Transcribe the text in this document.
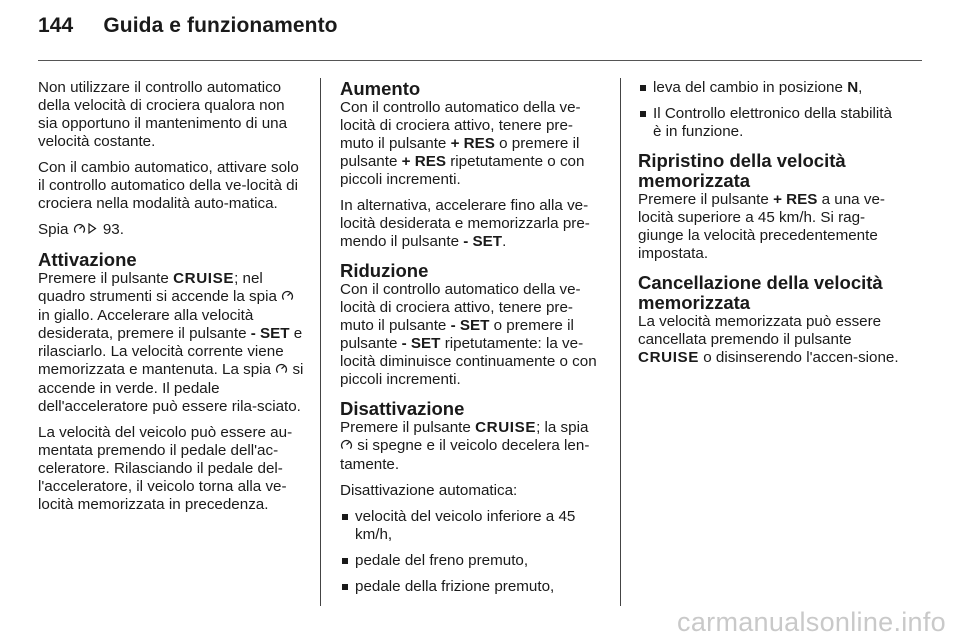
144 Guida e funzionamento

Non utilizzare il controllo automatico della velocità di crociera qualora non sia opportuno il mantenimento di una velocità costante.

Con il cambio automatico, attivare solo il controllo automatico della ve-locità di crociera nella modalità auto-matica.

Spia  93.

Attivazione

Premere il pulsante CRUISE; nel quadro strumenti si accende la spia  in giallo. Accelerare alla velocità desiderata, premere il pulsante - SET e rilasciarlo. La velocità corrente viene memorizzata e mantenuta. La spia  si accende in verde. Il pedale dell'acceleratore può essere rila-sciato.

La velocità del veicolo può essere au-mentata premendo il pedale dell'ac-celeratore. Rilasciando il pedale del-l'acceleratore, il veicolo torna alla ve-locità memorizzata in precedenza.

Aumento

Con il controllo automatico della ve-locità di crociera attivo, tenere pre-muto il pulsante + RES o premere il pulsante + RES ripetutamente o con piccoli incrementi.

In alternativa, accelerare fino alla ve-locità desiderata e memorizzarla pre-mendo il pulsante - SET.

Riduzione

Con il controllo automatico della ve-locità di crociera attivo, tenere pre-muto il pulsante - SET o premere il pulsante - SET ripetutamente: la ve-locità diminuisce continuamente o con piccoli incrementi.

Disattivazione

Premere il pulsante CRUISE; la spia  si spegne e il veicolo decelera len-tamente.

Disattivazione automatica:

velocità del veicolo inferiore a 45 km/h,
pedale del freno premuto,
pedale della frizione premuto,
leva del cambio in posizione N,
Il Controllo elettronico della stabilità è in funzione.
Ripristino della velocità memorizzata

Premere il pulsante + RES a una ve-locità superiore a 45 km/h. Si rag-giunge la velocità precedentemente impostata.

Cancellazione della velocità memorizzata

La velocità memorizzata può essere cancellata premendo il pulsante CRUISE o disinserendo l'accen-sione.

carmanualsonline.info
